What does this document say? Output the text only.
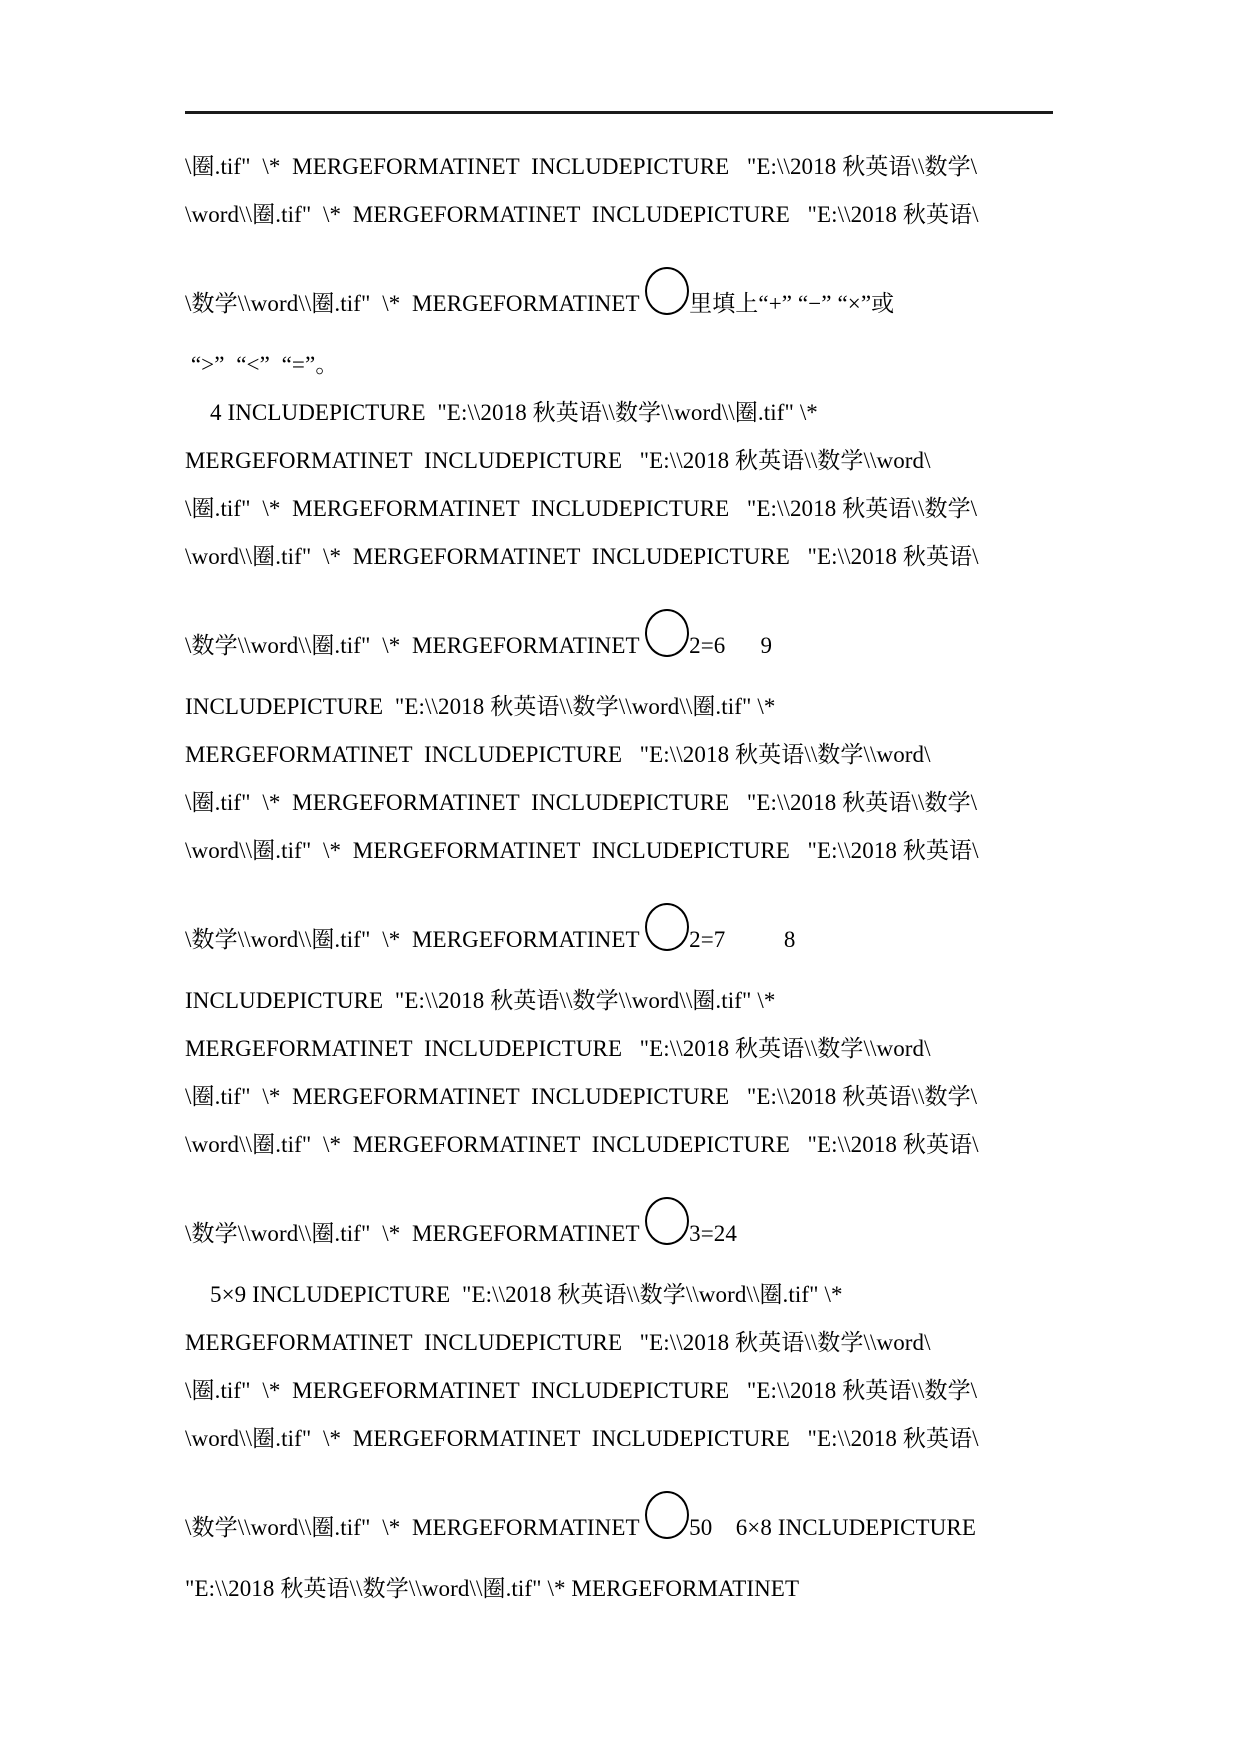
\圈.tif"  \*  MERGEFORMATINET  INCLUDEPICTURE   "E:\\2018 秋英语\\数学\
\word\\圈.tif"  \*  MERGEFORMATINET  INCLUDEPICTURE   "E:\\2018 秋英语\
\数学\\word\\圈.tif"  \*  MERGEFORMATINET 里填上“+” “−” “×”或
“>”  “<”  “=”。
4 INCLUDEPICTURE  "E:\\2018 秋英语\\数学\\word\\圈.tif" \*
MERGEFORMATINET  INCLUDEPICTURE   "E:\\2018 秋英语\\数学\\word\
\圈.tif"  \*  MERGEFORMATINET  INCLUDEPICTURE   "E:\\2018 秋英语\\数学\
\word\\圈.tif"  \*  MERGEFORMATINET  INCLUDEPICTURE   "E:\\2018 秋英语\
\数学\\word\\圈.tif"  \*  MERGEFORMATINET 2=6      9
INCLUDEPICTURE  "E:\\2018 秋英语\\数学\\word\\圈.tif" \*
MERGEFORMATINET  INCLUDEPICTURE   "E:\\2018 秋英语\\数学\\word\
\圈.tif"  \*  MERGEFORMATINET  INCLUDEPICTURE   "E:\\2018 秋英语\\数学\
\word\\圈.tif"  \*  MERGEFORMATINET  INCLUDEPICTURE   "E:\\2018 秋英语\
\数学\\word\\圈.tif"  \*  MERGEFORMATINET 2=7          8
INCLUDEPICTURE  "E:\\2018 秋英语\\数学\\word\\圈.tif" \*
MERGEFORMATINET  INCLUDEPICTURE   "E:\\2018 秋英语\\数学\\word\
\圈.tif"  \*  MERGEFORMATINET  INCLUDEPICTURE   "E:\\2018 秋英语\\数学\
\word\\圈.tif"  \*  MERGEFORMATINET  INCLUDEPICTURE   "E:\\2018 秋英语\
\数学\\word\\圈.tif"  \*  MERGEFORMATINET 3=24
5×9 INCLUDEPICTURE  "E:\\2018 秋英语\\数学\\word\\圈.tif" \*
MERGEFORMATINET  INCLUDEPICTURE   "E:\\2018 秋英语\\数学\\word\
\圈.tif"  \*  MERGEFORMATINET  INCLUDEPICTURE   "E:\\2018 秋英语\\数学\
\word\\圈.tif"  \*  MERGEFORMATINET  INCLUDEPICTURE   "E:\\2018 秋英语\
\数学\\word\\圈.tif"  \*  MERGEFORMATINET 50    6×8 INCLUDEPICTURE
"E:\\2018 秋英语\\数学\\word\\圈.tif" \* MERGEFORMATINET
